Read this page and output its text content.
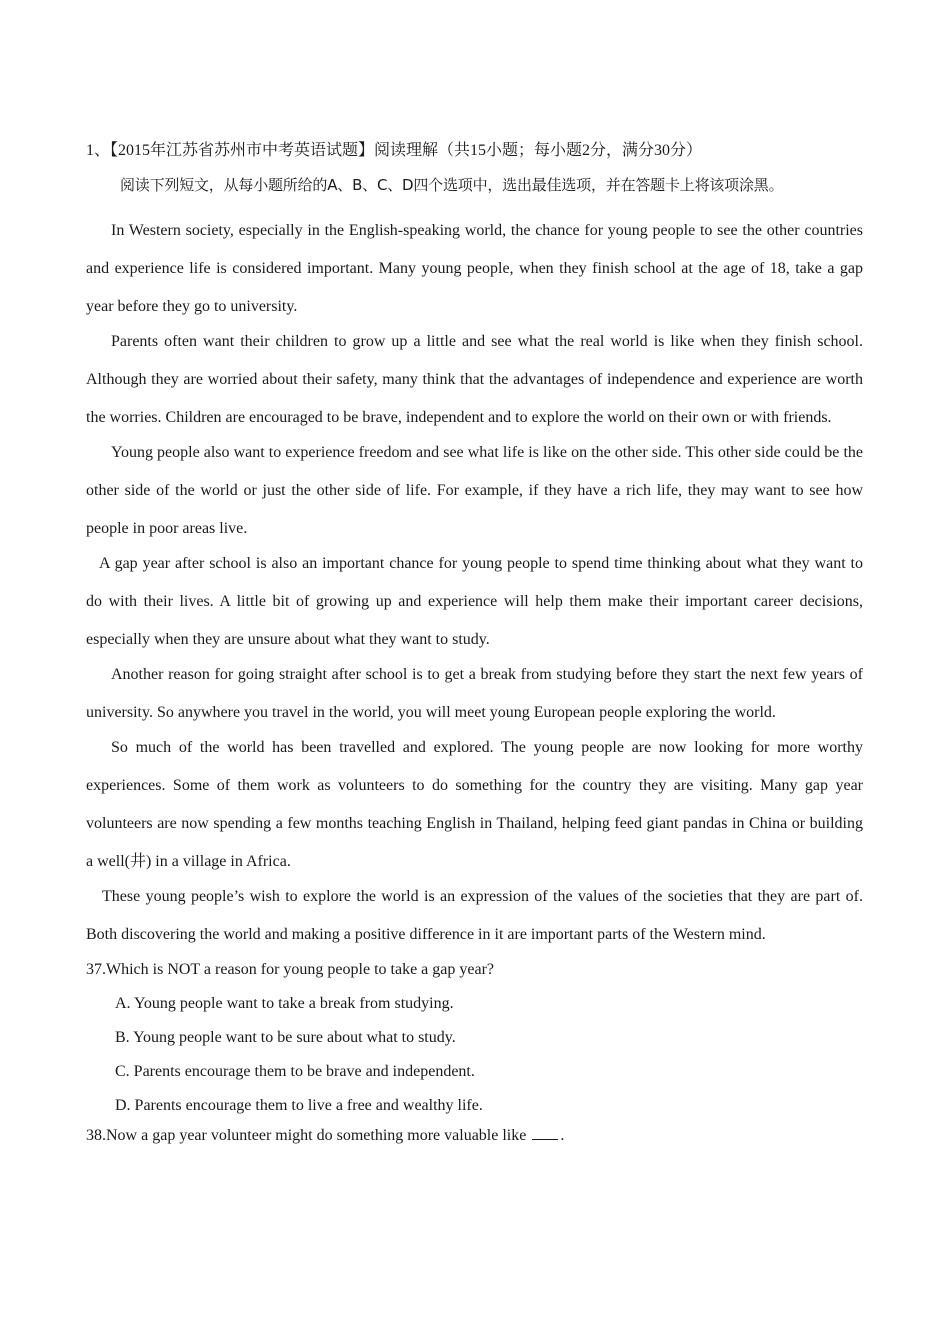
1、【2015年江苏省苏州市中考英语试题】阅读理解（共15小题；每小题2分，满分30分）

阅读下列短文，从每小题所给的A、B、C、D四个选项中，选出最佳选项，并在答题卡上将该项涂黑。

In Western society, especially in the English-speaking world, the chance for young people to see the other countries and experience life is considered important. Many young people, when they finish school at the age of 18, take a gap year before they go to university.

Parents often want their children to grow up a little and see what the real world is like when they finish school. Although they are worried about their safety, many think that the advantages of independence and experience are worth the worries. Children are encouraged to be brave, independent and to explore the world on their own or with friends.

Young people also want to experience freedom and see what life is like on the other side. This other side could be the other side of the world or just the other side of life. For example, if they have a rich life, they may want to see how people in poor areas live.

A gap year after school is also an important chance for young people to spend time thinking about what they want to do with their lives. A little bit of growing up and experience will help them make their important career decisions, especially when they are unsure about what they want to study.

Another reason for going straight after school is to get a break from studying before they start the next few years of university. So anywhere you travel in the world, you will meet young European people exploring the world.

So much of the world has been travelled and explored. The young people are now looking for more worthy experiences. Some of them work as volunteers to do something for the country they are visiting. Many gap year volunteers are now spending a few months teaching English in Thailand, helping feed giant pandas in China or building a well(井) in a village in Africa.

These young people’s wish to explore the world is an expression of the values of the societies that they are part of. Both discovering the world and making a positive difference in it are important parts of the Western mind.

37.Which is NOT a reason for young people to take a gap year?

A. Young people want to take a break from studying.

B. Young people want to be sure about what to study.

C. Parents encourage them to be brave and independent.

D. Parents encourage them to live a free and wealthy life.

38.Now a gap year volunteer might do something more valuable like .
